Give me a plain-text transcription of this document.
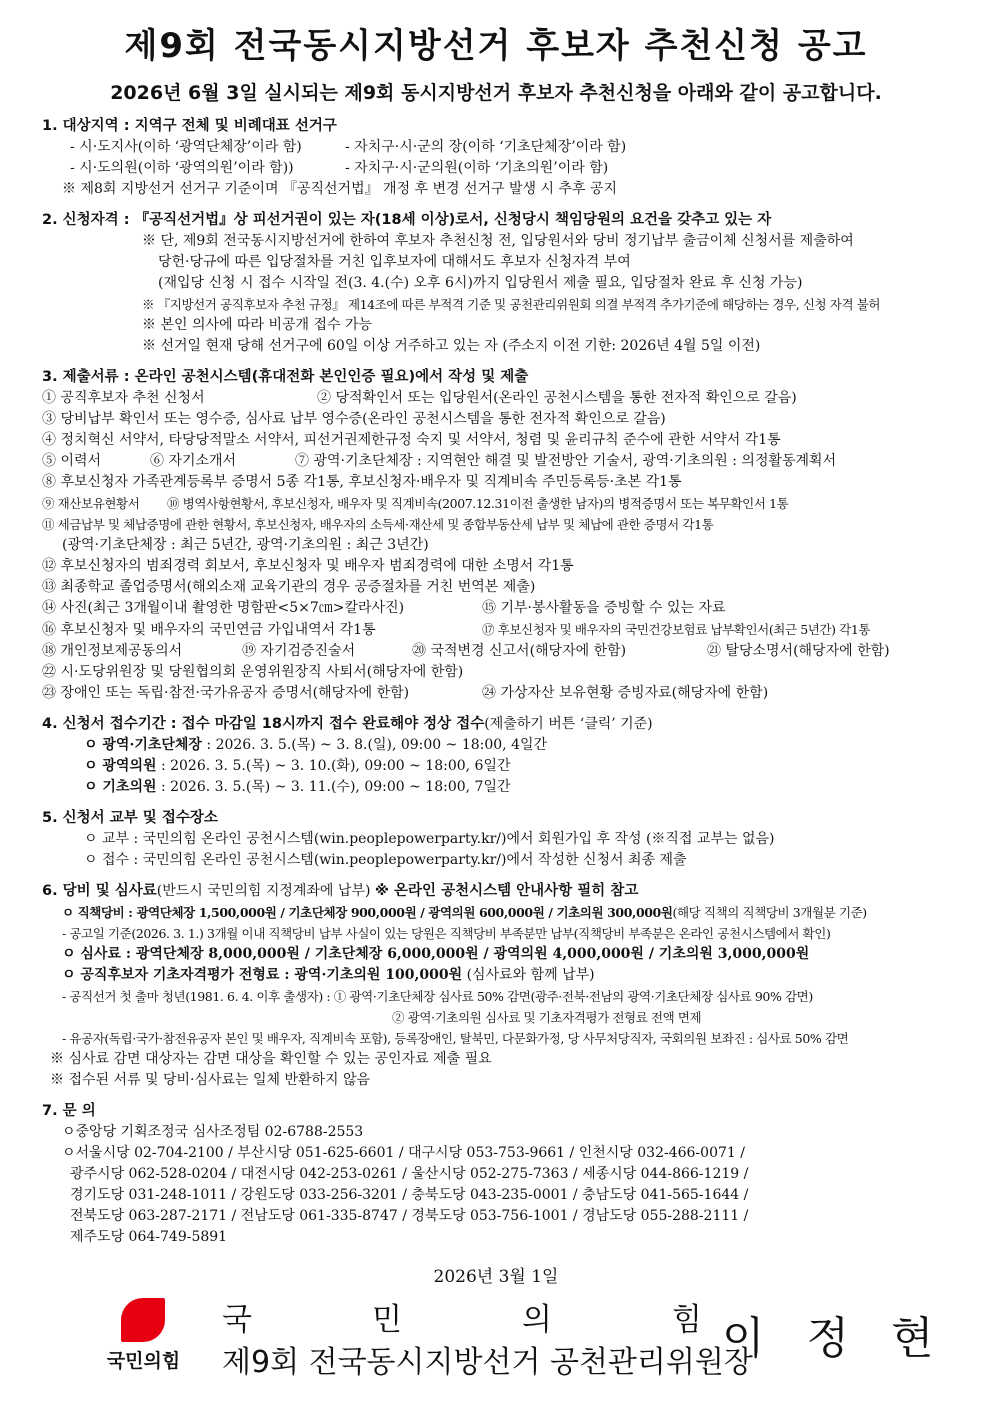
제9회 전국동시지방선거 후보자 추천신청 공고
2026년 6월 3일 실시되는 제9회 동시지방선거 후보자 추천신청을 아래와 같이 공고합니다.
1. 대상지역 : 지역구 전체 및 비례대표 선거구
- 시·도지사(이하 ‘광역단체장’이라 함)	- 자치구·시·군의 장(이하 ‘기초단체장’이라 함)
- 시·도의원(이하 ‘광역의원’이라 함))	- 자치구·시·군의원(이하 ‘기초의원’이라 함)
※ 제8회 지방선거 선거구 기준이며 『공직선거법』 개정 후 변경 선거구 발생 시 추후 공지
2. 신청자격 : 『공직선거법』상 피선거권이 있는 자(18세 이상)로서, 신청당시 책임당원의 요건을 갖추고 있는 자
※ 단, 제9회 전국동시지방선거에 한하여 후보자 추천신청 전, 입당원서와 당비 정기납부 출금이체 신청서를 제출하여
당헌·당규에 따른 입당절차를 거친 입후보자에 대해서도 후보자 신청자격 부여
(재입당 신청 시 접수 시작일 전(3. 4.(수) 오후 6시)까지 입당원서 제출 필요, 입당절차 완료 후 신청 가능)
※ 『지방선거 공직후보자 추천 규정』 제14조에 따른 부적격 기준 및 공천관리위원회 의결 부적격 추가기준에 해당하는 경우, 신청 자격 불허
※ 본인 의사에 따라 비공개 접수 가능
※ 선거일 현재 당해 선거구에 60일 이상 거주하고 있는 자 (주소지 이전 기한: 2026년 4월 5일 이전)
3. 제출서류 : 온라인 공천시스템(휴대전화 본인인증 필요)에서 작성 및 제출
① 공직후보자 추천 신청서	② 당적확인서 또는 입당원서(온라인 공천시스템을 통한 전자적 확인으로 갈음)
③ 당비납부 확인서 또는 영수증, 심사료 납부 영수증(온라인 공천시스템을 통한 전자적 확인으로 갈음)
④ 정치혁신 서약서, 타당당적말소 서약서, 피선거권제한규정 숙지 및 서약서, 청렴 및 윤리규칙 준수에 관한 서약서 각1통
⑤ 이력서	⑥ 자기소개서	⑦ 광역·기초단체장 : 지역현안 해결 및 발전방안 기술서, 광역·기초의원 : 의정활동계획서
⑧ 후보신청자 가족관계등록부 증명서 5종 각1통, 후보신청자·배우자 및 직계비속 주민등록등·초본 각1통
⑨ 재산보유현황서 ⑩ 병역사항현황서, 후보신청자, 배우자 및 직계비속(2007.12.31이전 출생한 남자)의 병적증명서 또는 복무확인서 1통
⑪ 세금납부 및 체납증명에 관한 현황서, 후보신청자, 배우자의 소득세·재산세 및 종합부동산세 납부 및 체납에 관한 증명서 각1통
(광역·기초단체장 : 최근 5년간, 광역·기초의원 : 최근 3년간)
⑫ 후보신청자의 범죄경력 회보서, 후보신청자 및 배우자 범죄경력에 대한 소명서 각1통
⑬ 최종학교 졸업증명서(해외소재 교육기관의 경우 공증절차를 거친 번역본 제출)
⑭ 사진(최근 3개월이내 촬영한 명함판<5×7㎝>칼라사진)	⑮ 기부·봉사활동을 증빙할 수 있는 자료
⑯ 후보신청자 및 배우자의 국민연금 가입내역서 각1통	⑰ 후보신청자 및 배우자의 국민건강보험료 납부확인서(최근 5년간) 각1통
⑱ 개인정보제공동의서	⑲ 자기검증진술서	⑳ 국적변경 신고서(해당자에 한함)	㉑ 탈당소명서(해당자에 한함)
㉒ 시·도당위원장 및 당원협의회 운영위원장직 사퇴서(해당자에 한함)
㉓ 장애인 또는 독립·참전·국가유공자 증명서(해당자에 한함)	㉔ 가상자산 보유현황 증빙자료(해당자에 한함)
4. 신청서 접수기간 : 접수 마감일 18시까지 접수 완료해야 정상 접수(제출하기 버튼 ‘클릭’ 기준)
ㅇ 광역·기초단체장 : 2026. 3. 5.(목) ~ 3. 8.(일), 09:00 ~ 18:00, 4일간
ㅇ 광역의원 : 2026. 3. 5.(목) ~ 3. 10.(화), 09:00 ~ 18:00, 6일간
ㅇ 기초의원 : 2026. 3. 5.(목) ~ 3. 11.(수), 09:00 ~ 18:00, 7일간
5. 신청서 교부 및 접수장소
ㅇ 교부 : 국민의힘 온라인 공천시스템(win.peoplepowerparty.kr/)에서 회원가입 후 작성 (※직접 교부는 없음)
ㅇ 접수 : 국민의힘 온라인 공천시스템(win.peoplepowerparty.kr/)에서 작성한 신청서 최종 제출
6. 당비 및 심사료(반드시 국민의힘 지정계좌에 납부) ※ 온라인 공천시스템 안내사항 필히 참고
ㅇ 직책당비 : 광역단체장 1,500,000원 / 기초단체장 900,000원 / 광역의원 600,000원 / 기초의원 300,000원(해당 직책의 직책당비 3개월분 기준)
- 공고일 기준(2026. 3. 1.) 3개월 이내 직책당비 납부 사실이 있는 당원은 직책당비 부족분만 납부(직책당비 부족분은 온라인 공천시스템에서 확인)
ㅇ 심사료 : 광역단체장 8,000,000원 / 기초단체장 6,000,000원 / 광역의원 4,000,000원 / 기초의원 3,000,000원
ㅇ 공직후보자 기초자격평가 전형료 : 광역·기초의원 100,000원 (심사료와 함께 납부)
- 공직선거 첫 출마 청년(1981. 6. 4. 이후 출생자) : ① 광역·기초단체장 심사료 50% 감면(광주·전북·전남의 광역·기초단체장 심사료 90% 감면)
② 광역·기초의원 심사료 및 기초자격평가 전형료 전액 면제
- 유공자(독립·국가·참전유공자 본인 및 배우자, 직계비속 포함), 등록장애인, 탈북민, 다문화가정, 당 사무처당직자, 국회의원 보좌진 : 심사료 50% 감면
※ 심사료 감면 대상자는 감면 대상을 확인할 수 있는 공인자료 제출 필요
※ 접수된 서류 및 당비·심사료는 일체 반환하지 않음
7. 문 의
ㅇ중앙당 기획조정국 심사조정팀 02-6788-2553
ㅇ서울시당 02-704-2100 / 부산시당 051-625-6601 / 대구시당 053-753-9661 / 인천시당 032-466-0071 /
광주시당 062-528-0204 / 대전시당 042-253-0261 / 울산시당 052-275-7363 / 세종시당 044-866-1219 /
경기도당 031-248-1011 / 강원도당 033-256-3201 / 충북도당 043-235-0001 / 충남도당 041-565-1644 /
전북도당 063-287-2171 / 전남도당 061-335-8747 / 경북도당 053-756-1001 / 경남도당 055-288-2111 /
제주도당 064-749-5891
2026년 3월 1일
국민의힘
국	민	의	힘
제9회 전국동시지방선거 공천관리위원장
이 정 현
